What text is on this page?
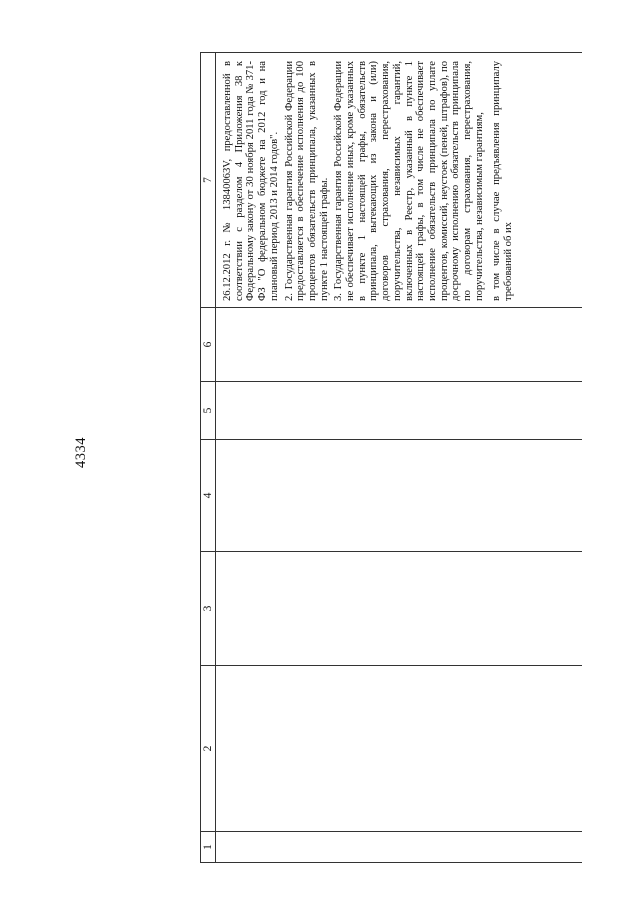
4334
1	2	3	4	5	6	7

						26.12.2012 г. № 13840063V, предоставленной в соответствии с разделом 4 Приложения 38 к Федеральному закону от 30 ноября 2011 года № 371-ФЗ "О федеральном бюджете на 2012 год и на плановый период 2013 и 2014 годов". 2. Государственная гарантия Российской Федерации предоставляется в обеспечение исполнения до 100 процентов обязательств принципала, указанных в пункте 1 настоящей графы. 3. Государственная гарантия Российской Федерации не обеспечивает исполнение иных, кроме указанных в пункте 1 настоящей графы, обязательств принципала, вытекающих из закона и (или) договоров страхования, перестрахования, поручительства, независимых гарантий, включенных в Реестр, указанный в пункте 1 настоящей графы, в том числе не обеспечивает исполнение обязательств принципала по уплате процентов, комиссий, неустоек (пеней, штрафов), по досрочному исполнению обязательств принципала по договорам страхования, перестрахования, поручительства, независимым гарантиям, в том числе в случае предъявления принципалу требований об их
